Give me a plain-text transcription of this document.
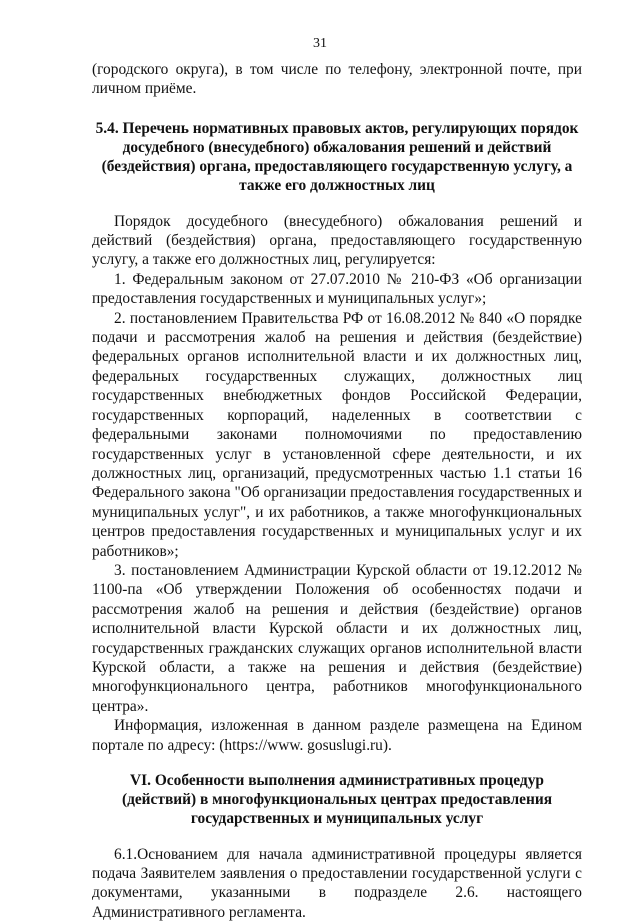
31

(городского округа), в том числе по телефону, электронной почте, при личном приёме.

5.4. Перечень нормативных правовых актов, регулирующих порядок досудебного (внесудебного) обжалования решений и действий (бездействия) органа, предоставляющего государственную услугу, а также его должностных лиц

Порядок досудебного (внесудебного) обжалования решений и действий (бездействия) органа, предоставляющего государственную услугу, а также его должностных лиц, регулируется:

1. Федеральным законом от 27.07.2010 № 210-ФЗ «Об организации предоставления государственных и муниципальных услуг»;

2. постановлением Правительства РФ от 16.08.2012 № 840 «О порядке подачи и рассмотрения жалоб на решения и действия (бездействие) федеральных органов исполнительной власти и их должностных лиц, федеральных государственных служащих, должностных лиц государственных внебюджетных фондов Российской Федерации, государственных корпораций, наделенных в соответствии с федеральными законами полномочиями по предоставлению государственных услуг в установленной сфере деятельности, и их должностных лиц, организаций, предусмотренных частью 1.1 статьи 16 Федерального закона "Об организации предоставления государственных и муниципальных услуг", и их работников, а также многофункциональных центров предоставления государственных и муниципальных услуг и их работников»;

3. постановлением Администрации Курской области от 19.12.2012 № 1100-па «Об утверждении Положения об особенностях подачи и рассмотрения жалоб на решения и действия (бездействие) органов исполнительной власти Курской области и их должностных лиц, государственных гражданских служащих органов исполнительной власти Курской области, а также на решения и действия (бездействие) многофункционального центра, работников многофункционального центра».

Информация, изложенная в данном разделе размещена на Едином портале по адресу: (https://www. gosuslugi.ru).

VI. Особенности выполнения административных процедур (действий) в многофункциональных центрах предоставления государственных и муниципальных услуг

6.1.Основанием для начала административной процедуры является подача Заявителем заявления о предоставлении государственной услуги с документами, указанными в подразделе 2.6. настоящего Административного регламента.
